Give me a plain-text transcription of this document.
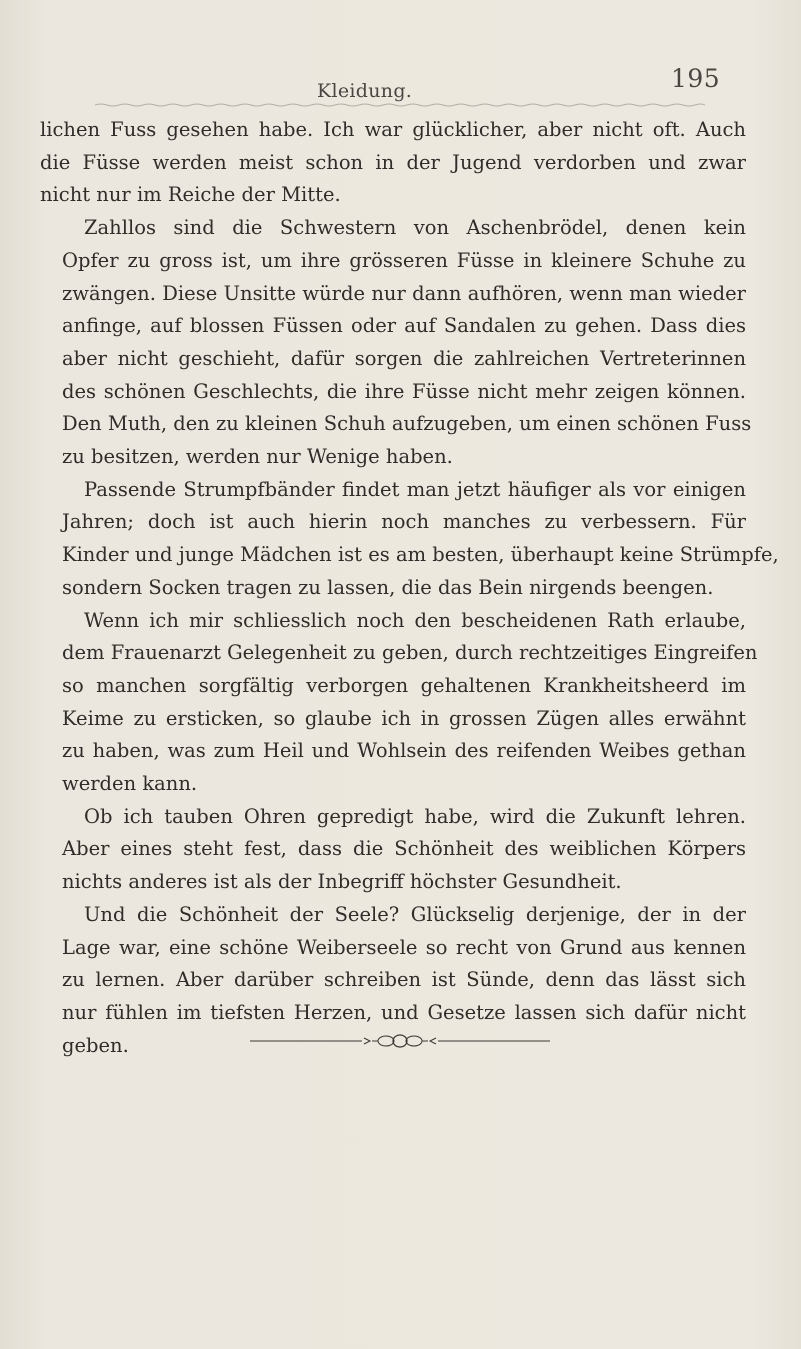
Kleidung.	195
lichen Fuss gesehen habe. Ich war glücklicher, aber nicht oft. Auch
die Füsse werden meist schon in der Jugend verdorben und zwar
nicht nur im Reiche der Mitte.
Zahllos sind die Schwestern von Aschenbrödel, denen kein
Opfer zu gross ist, um ihre grösseren Füsse in kleinere Schuhe zu
zwängen. Diese Unsitte würde nur dann aufhören, wenn man wieder
anfinge, auf blossen Füssen oder auf Sandalen zu gehen. Dass dies
aber nicht geschieht, dafür sorgen die zahlreichen Vertreterinnen
des schönen Geschlechts, die ihre Füsse nicht mehr zeigen können.
Den Muth, den zu kleinen Schuh aufzugeben, um einen schönen Fuss
zu besitzen, werden nur Wenige haben.
Passende Strumpfbänder findet man jetzt häufiger als vor einigen
Jahren; doch ist auch hierin noch manches zu verbessern. Für
Kinder und junge Mädchen ist es am besten, überhaupt keine Strümpfe,
sondern Socken tragen zu lassen, die das Bein nirgends beengen.
Wenn ich mir schliesslich noch den bescheidenen Rath erlaube,
dem Frauenarzt Gelegenheit zu geben, durch rechtzeitiges Eingreifen
so manchen sorgfältig verborgen gehaltenen Krankheitsheerd im
Keime zu ersticken, so glaube ich in grossen Zügen alles erwähnt
zu haben, was zum Heil und Wohlsein des reifenden Weibes gethan
werden kann.
Ob ich tauben Ohren gepredigt habe, wird die Zukunft lehren.
Aber eines steht fest, dass die Schönheit des weiblichen Körpers
nichts anderes ist als der Inbegriff höchster Gesundheit.
Und die Schönheit der Seele? Glückselig derjenige, der in der
Lage war, eine schöne Weiberseele so recht von Grund aus kennen
zu lernen. Aber darüber schreiben ist Sünde, denn das lässt sich
nur fühlen im tiefsten Herzen, und Gesetze lassen sich dafür nicht
geben.
